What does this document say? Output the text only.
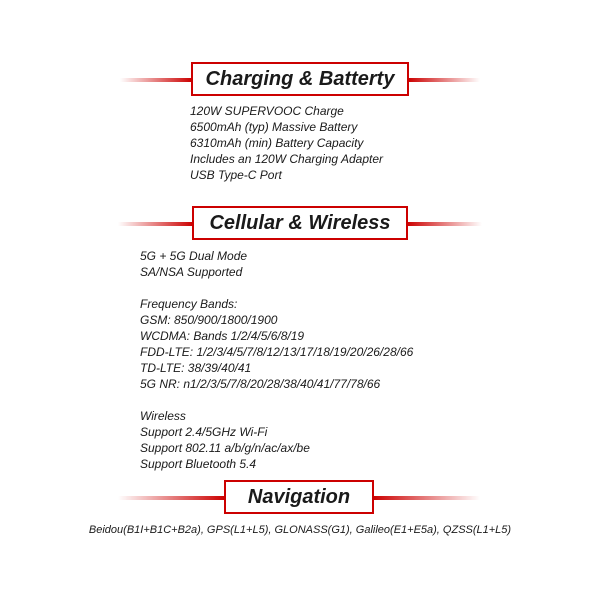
Charging & Batterty
120W SUPERVOOC Charge
6500mAh (typ) Massive Battery
6310mAh (min) Battery Capacity
Includes an 120W Charging Adapter
USB Type-C Port
Cellular & Wireless
5G + 5G Dual Mode
SA/NSA Supported
Frequency Bands:
GSM: 850/900/1800/1900
WCDMA: Bands 1/2/4/5/6/8/19
FDD-LTE: 1/2/3/4/5/7/8/12/13/17/18/19/20/26/28/66
TD-LTE: 38/39/40/41
5G NR: n1/2/3/5/7/8/20/28/38/40/41/77/78/66
Wireless
Support 2.4/5GHz Wi-Fi
Support 802.11 a/b/g/n/ac/ax/be
Support Bluetooth 5.4
Navigation
Beidou(B1I+B1C+B2a), GPS(L1+L5), GLONASS(G1), Galileo(E1+E5a), QZSS(L1+L5)
